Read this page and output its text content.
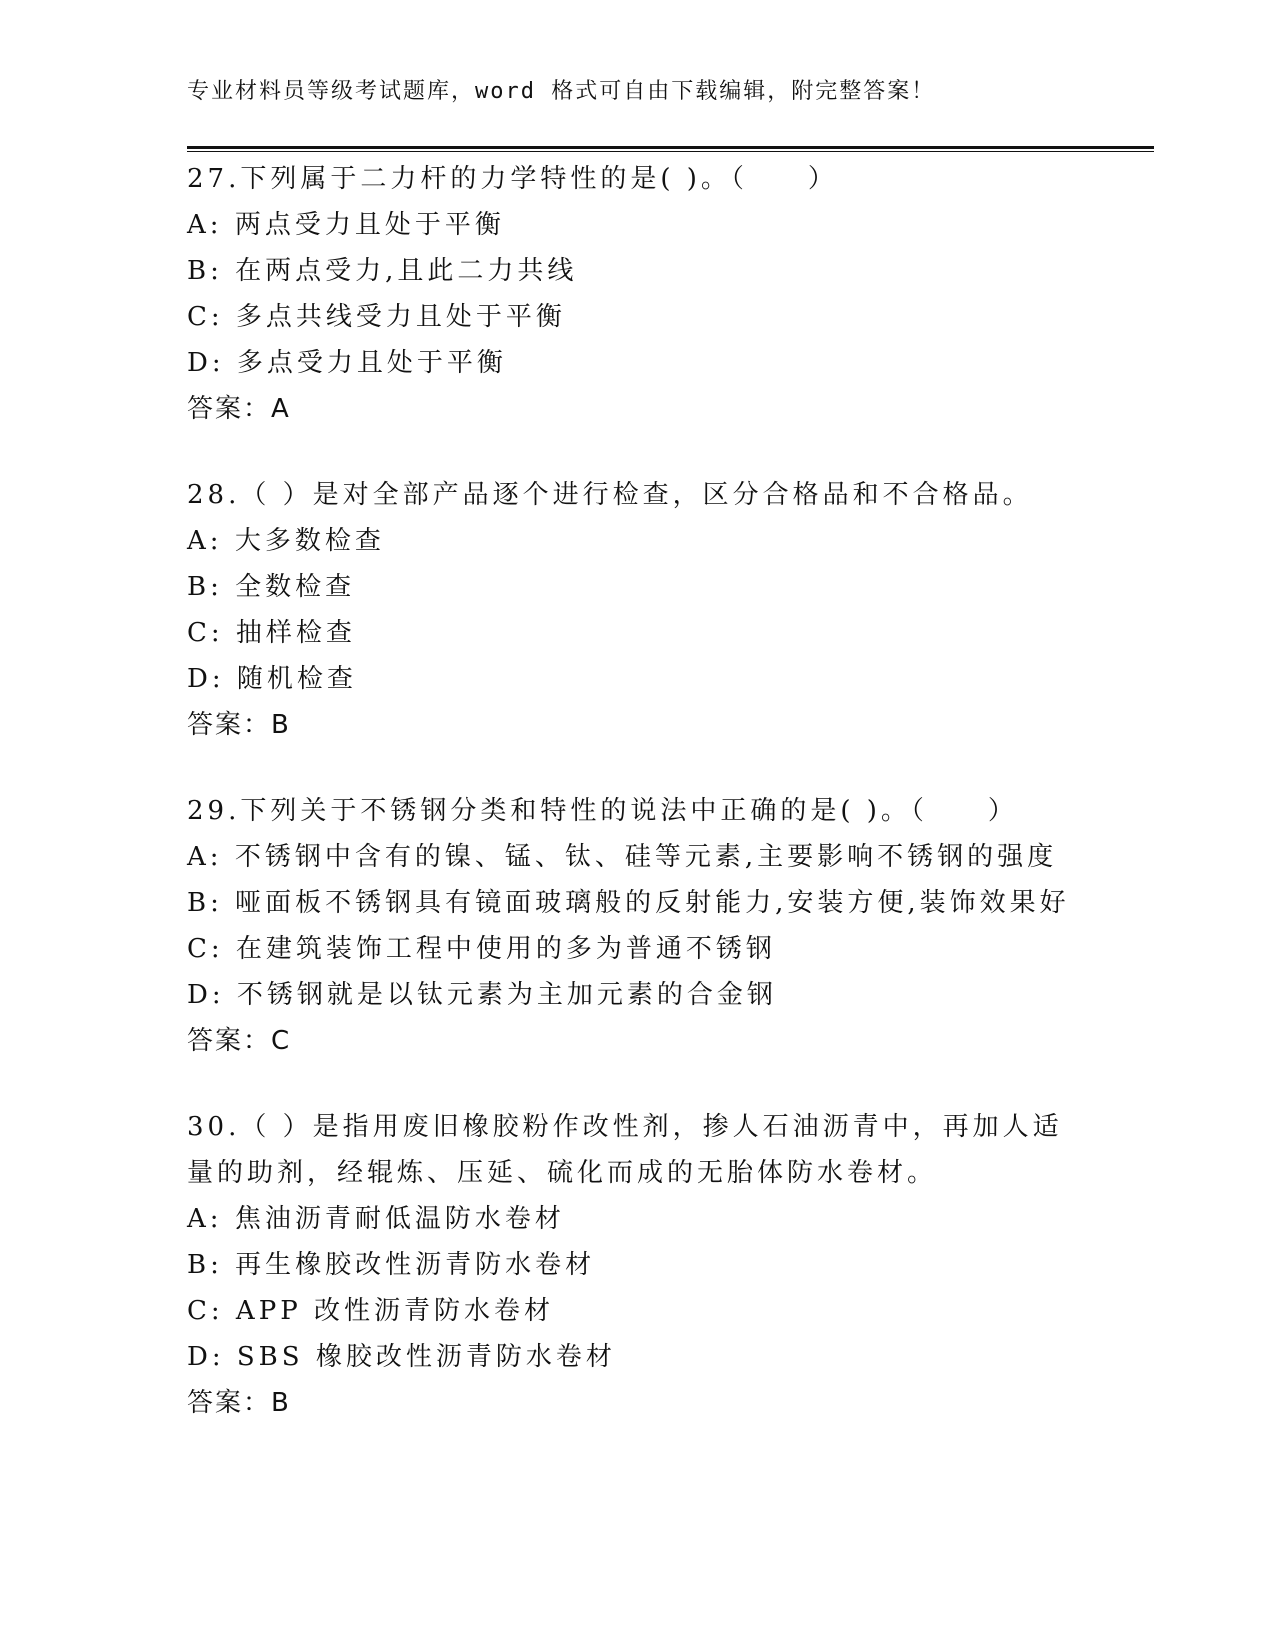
专业材料员等级考试题库，word 格式可自由下载编辑，附完整答案！
27.下列属于二力杆的力学特性的是( )。（　　）
A: 两点受力且处于平衡
B: 在两点受力,且此二力共线
C: 多点共线受力且处于平衡
D: 多点受力且处于平衡
答案：A
28.（ ）是对全部产品逐个进行检查，区分合格品和不合格品。
A: 大多数检查
B: 全数检查
C: 抽样检查
D: 随机检查
答案：B
29.下列关于不锈钢分类和特性的说法中正确的是( )。（　　）
A: 不锈钢中含有的镍、锰、钛、硅等元素,主要影响不锈钢的强度
B: 哑面板不锈钢具有镜面玻璃般的反射能力,安装方便,装饰效果好
C: 在建筑装饰工程中使用的多为普通不锈钢
D: 不锈钢就是以钛元素为主加元素的合金钢
答案：C
30.（ ）是指用废旧橡胶粉作改性剂，掺人石油沥青中，再加人适量的助剂，经辊炼、压延、硫化而成的无胎体防水卷材。
A: 焦油沥青耐低温防水卷材
B: 再生橡胶改性沥青防水卷材
C: APP 改性沥青防水卷材
D: SBS 橡胶改性沥青防水卷材
答案：B
